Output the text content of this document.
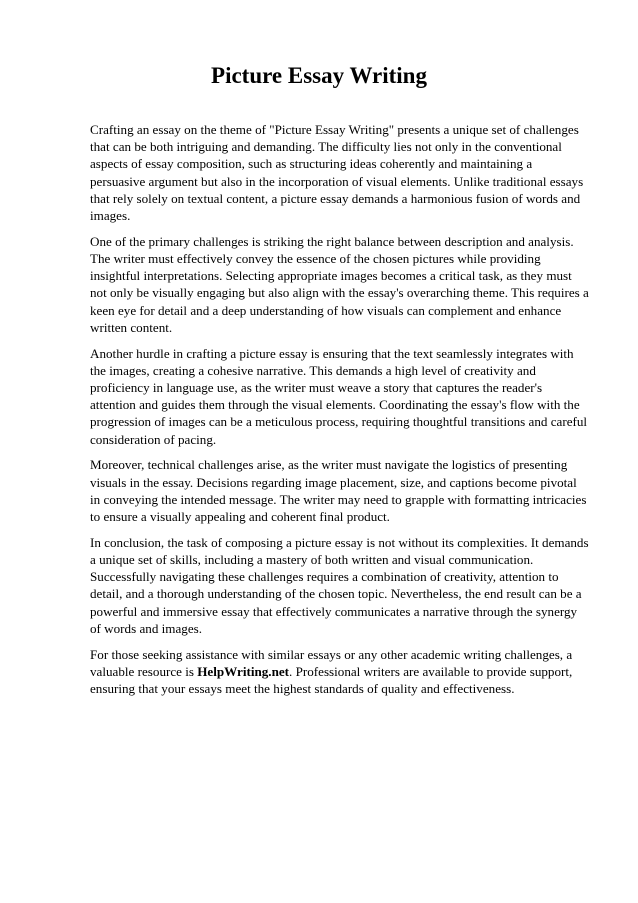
Picture Essay Writing

Crafting an essay on the theme of "Picture Essay Writing" presents a unique set of challenges that can be both intriguing and demanding. The difficulty lies not only in the conventional aspects of essay composition, such as structuring ideas coherently and maintaining a persuasive argument but also in the incorporation of visual elements. Unlike traditional essays that rely solely on textual content, a picture essay demands a harmonious fusion of words and images.

One of the primary challenges is striking the right balance between description and analysis. The writer must effectively convey the essence of the chosen pictures while providing insightful interpretations. Selecting appropriate images becomes a critical task, as they must not only be visually engaging but also align with the essay's overarching theme. This requires a keen eye for detail and a deep understanding of how visuals can complement and enhance written content.

Another hurdle in crafting a picture essay is ensuring that the text seamlessly integrates with the images, creating a cohesive narrative. This demands a high level of creativity and proficiency in language use, as the writer must weave a story that captures the reader's attention and guides them through the visual elements. Coordinating the essay's flow with the progression of images can be a meticulous process, requiring thoughtful transitions and careful consideration of pacing.

Moreover, technical challenges arise, as the writer must navigate the logistics of presenting visuals in the essay. Decisions regarding image placement, size, and captions become pivotal in conveying the intended message. The writer may need to grapple with formatting intricacies to ensure a visually appealing and coherent final product.

In conclusion, the task of composing a picture essay is not without its complexities. It demands a unique set of skills, including a mastery of both written and visual communication. Successfully navigating these challenges requires a combination of creativity, attention to detail, and a thorough understanding of the chosen topic. Nevertheless, the end result can be a powerful and immersive essay that effectively communicates a narrative through the synergy of words and images.

For those seeking assistance with similar essays or any other academic writing challenges, a valuable resource is HelpWriting.net. Professional writers are available to provide support, ensuring that your essays meet the highest standards of quality and effectiveness.
